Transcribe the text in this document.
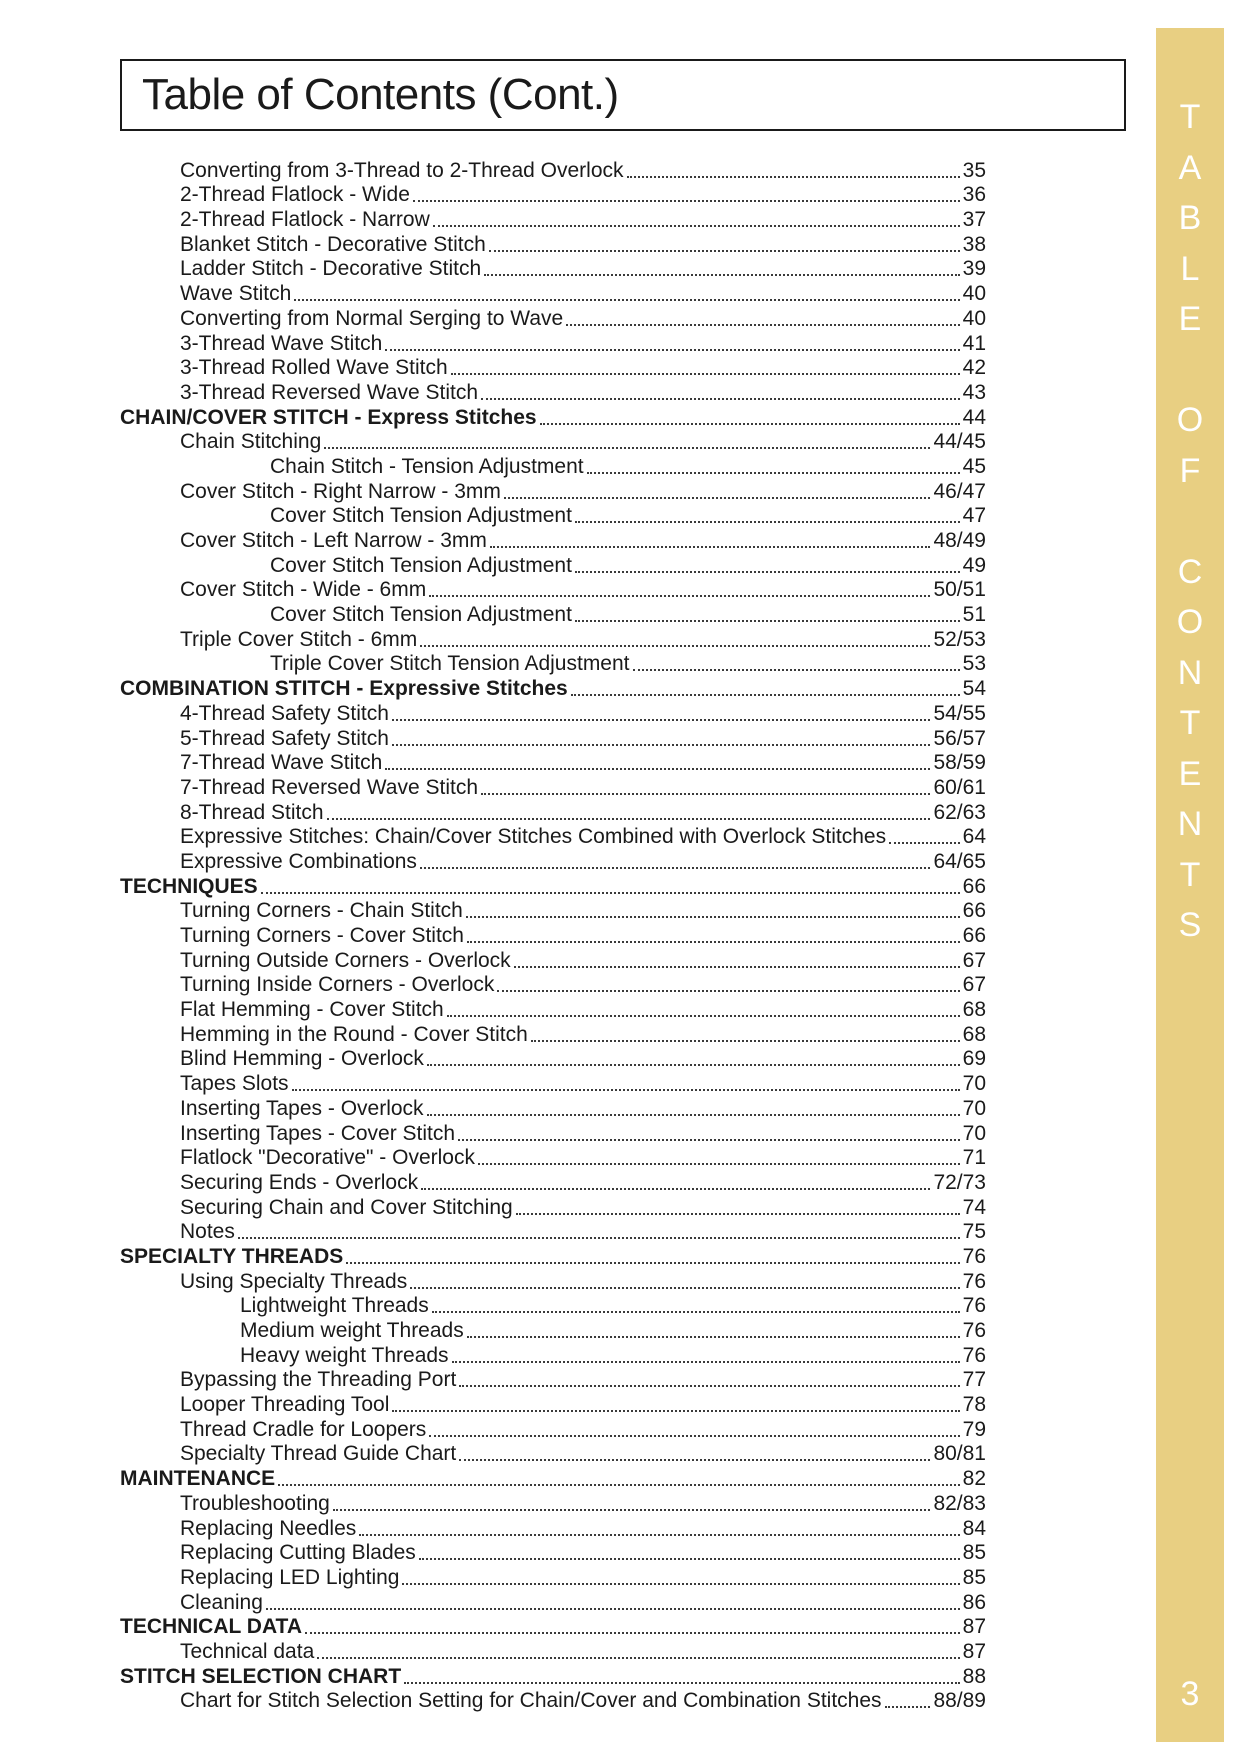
Table of Contents (Cont.)
Converting from 3-Thread to 2-Thread Overlock	35
2-Thread Flatlock - Wide	36
2-Thread Flatlock - Narrow	37
Blanket Stitch - Decorative Stitch	38
Ladder Stitch - Decorative Stitch	39
Wave Stitch	40
Converting from Normal Serging to Wave	40
3-Thread Wave Stitch	41
3-Thread Rolled Wave Stitch	42
3-Thread Reversed Wave Stitch	43
CHAIN/COVER STITCH - Express Stitches	44
Chain Stitching	44/45
Chain Stitch - Tension Adjustment	45
Cover Stitch - Right Narrow - 3mm	46/47
Cover Stitch Tension Adjustment	47
Cover Stitch - Left Narrow - 3mm	48/49
Cover Stitch Tension Adjustment	49
Cover Stitch - Wide - 6mm	50/51
Cover Stitch Tension Adjustment	51
Triple Cover Stitch - 6mm	52/53
Triple Cover Stitch Tension Adjustment	53
COMBINATION STITCH - Expressive Stitches	54
4-Thread Safety Stitch	54/55
5-Thread Safety Stitch	56/57
7-Thread Wave Stitch	58/59
7-Thread Reversed Wave Stitch	60/61
8-Thread Stitch	62/63
Expressive Stitches: Chain/Cover Stitches Combined with Overlock Stitches	64
Expressive Combinations	64/65
TECHNIQUES	66
Turning Corners - Chain Stitch	66
Turning Corners - Cover Stitch	66
Turning Outside Corners - Overlock	67
Turning Inside Corners - Overlock	67
Flat Hemming - Cover Stitch	68
Hemming in the Round - Cover Stitch	68
Blind Hemming - Overlock	69
Tapes Slots	70
Inserting Tapes - Overlock	70
Inserting Tapes - Cover Stitch	70
Flatlock "Decorative" - Overlock	71
Securing Ends - Overlock	72/73
Securing Chain and Cover Stitching	74
Notes	75
SPECIALTY THREADS	76
Using Specialty Threads	76
Lightweight Threads	76
Medium weight Threads	76
Heavy weight Threads	76
Bypassing the Threading Port	77
Looper Threading Tool	78
Thread Cradle for Loopers	79
Specialty Thread Guide Chart	80/81
MAINTENANCE	82
Troubleshooting	82/83
Replacing Needles	84
Replacing Cutting Blades	85
Replacing LED Lighting	85
Cleaning	86
TECHNICAL DATA	87
Technical data	87
STITCH SELECTION CHART	88
Chart for Stitch Selection Setting for Chain/Cover and Combination Stitches 88/89
T
A
B
L
E
O
F
C
O
N
T
E
N
T
S
3
